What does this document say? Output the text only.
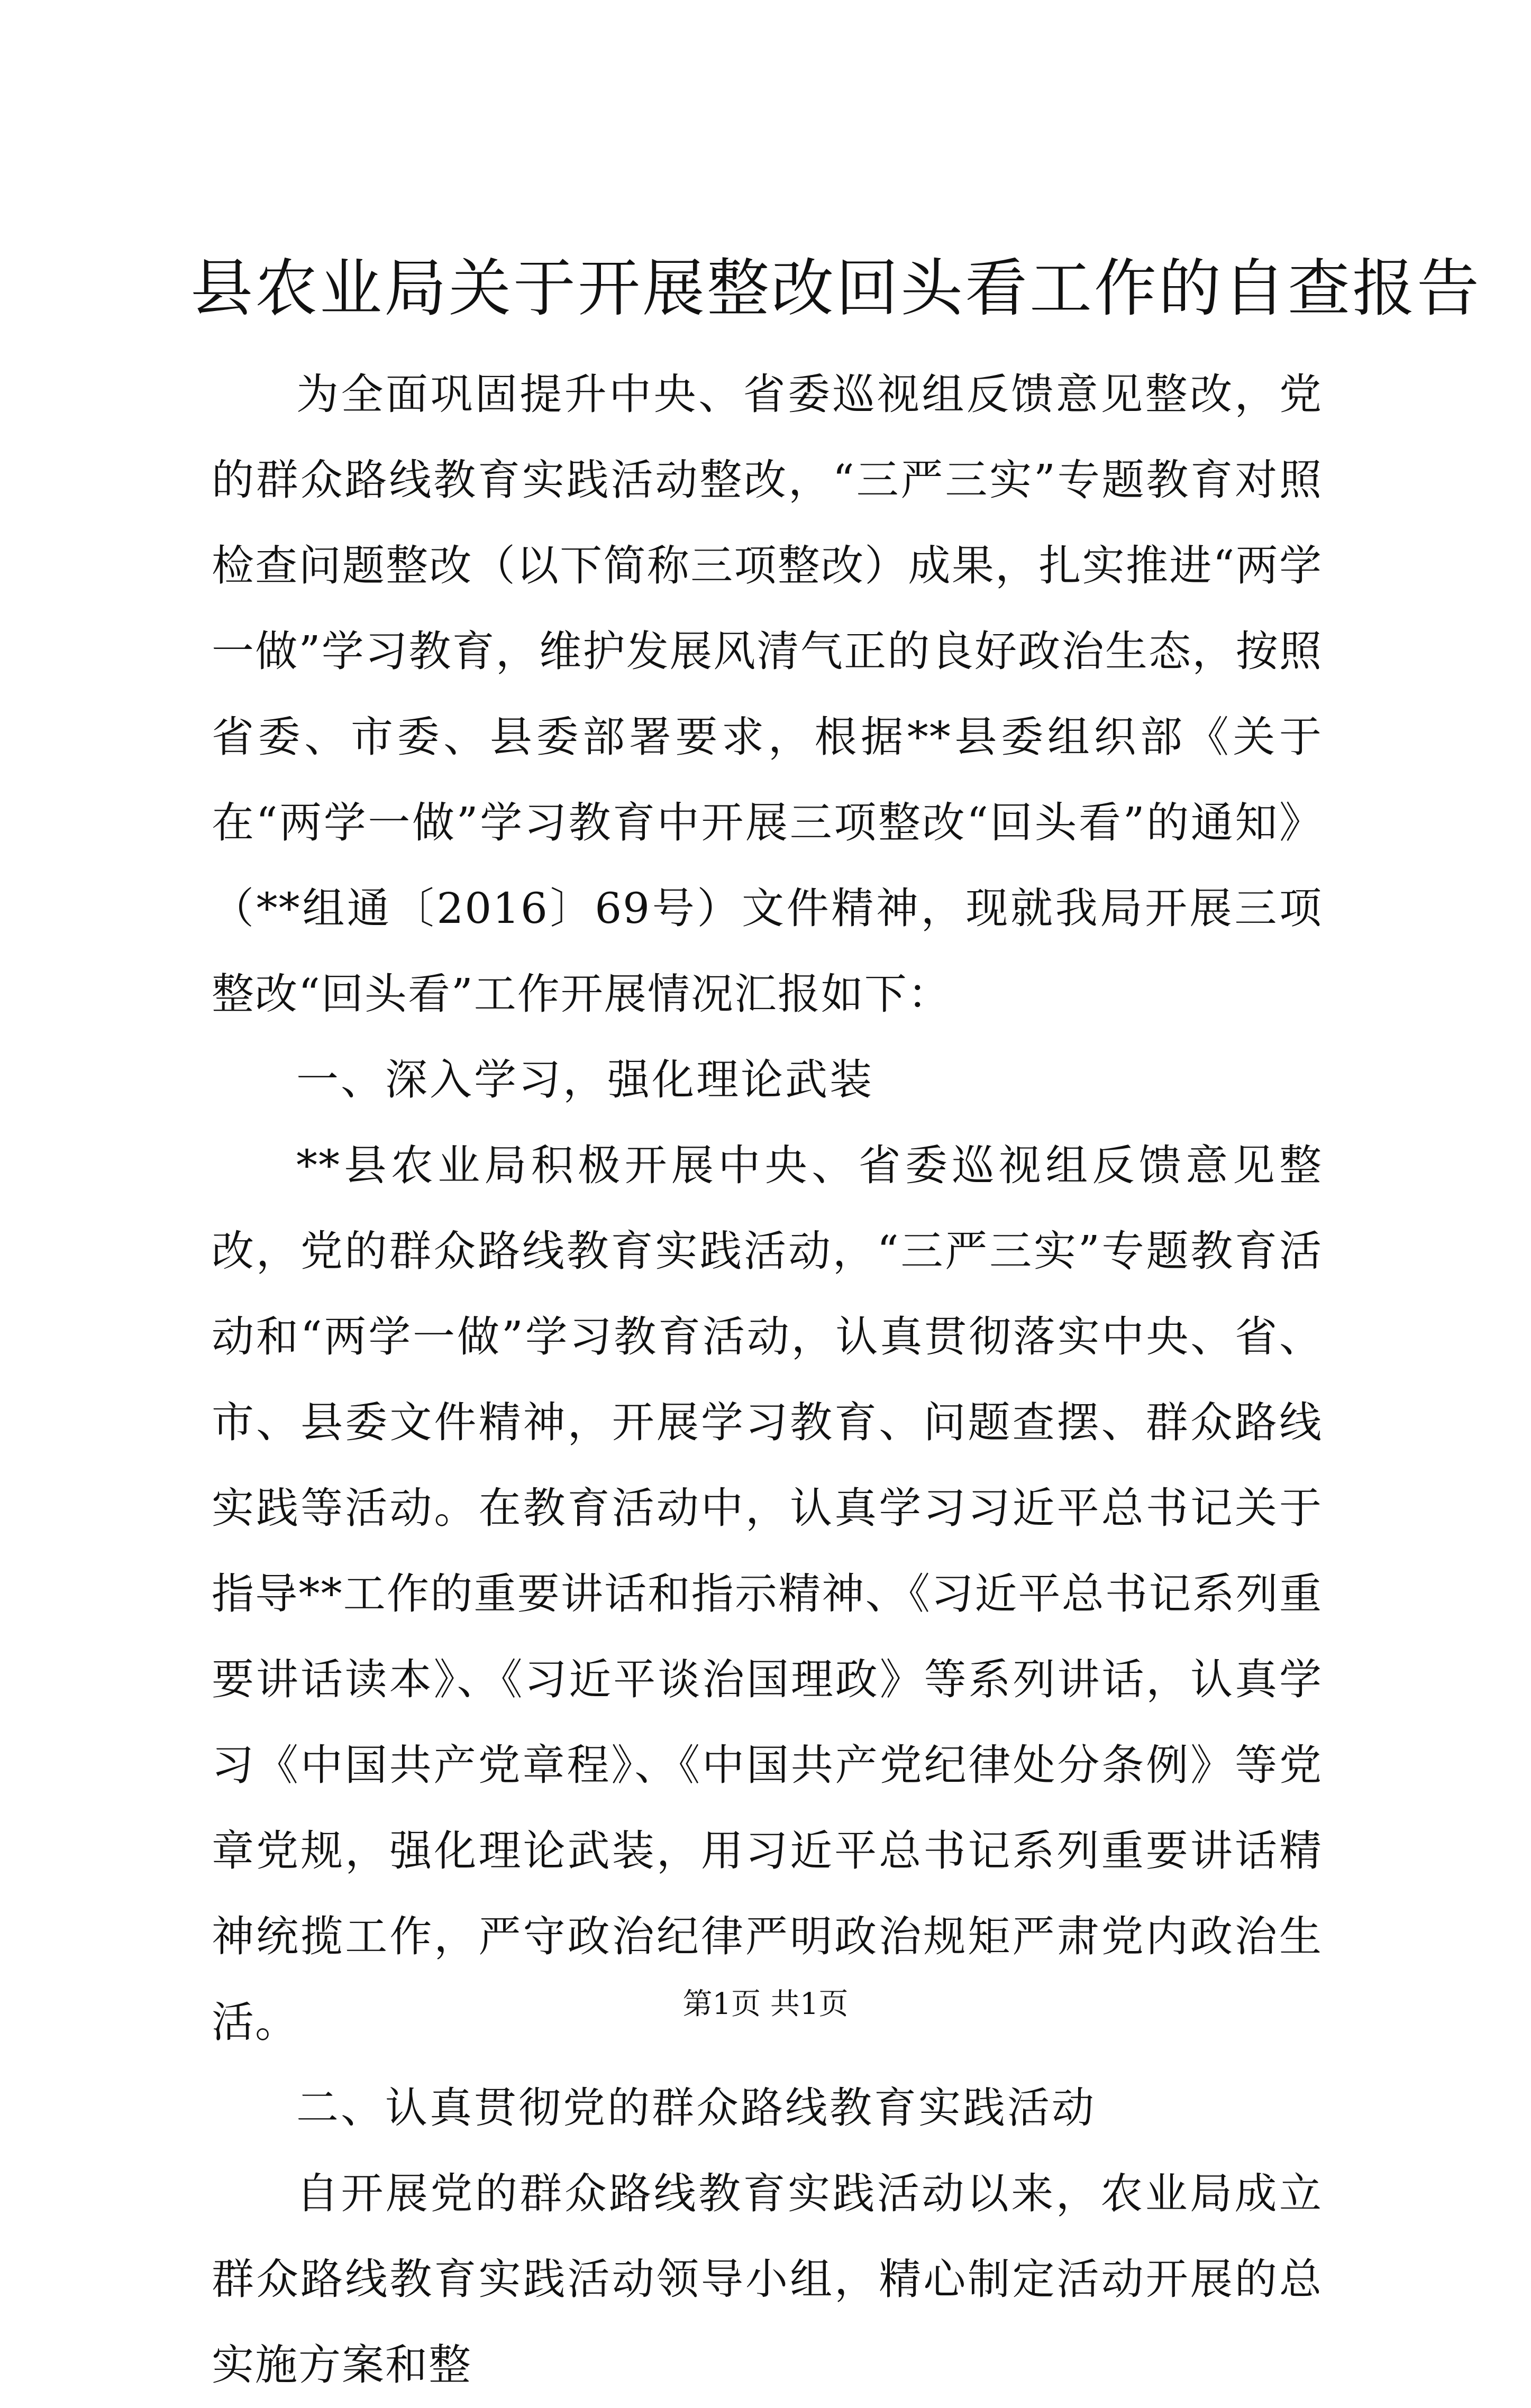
县农业局关于开展整改回头看工作的自查报告

为全面巩固提升中央、省委巡视组反馈意见整改，党的群众路线教育实践活动整改，“三严三实”专题教育对照检查问题整改（以下简称三项整改）成果，扎实推进“两学一做”学习教育，维护发展风清气正的良好政治生态，按照省委、市委、县委部署要求，根据**县委组织部《关于在“两学一做”学习教育中开展三项整改“回头看”的通知》（**组通〔2016〕69号）文件精神，现就我局开展三项整改“回头看”工作开展情况汇报如下：

一、深入学习，强化理论武装

**县农业局积极开展中央、省委巡视组反馈意见整改，党的群众路线教育实践活动，“三严三实”专题教育活动和“两学一做”学习教育活动，认真贯彻落实中央、省、市、县委文件精神，开展学习教育、问题查摆、群众路线实践等活动。在教育活动中，认真学习习近平总书记关于指导**工作的重要讲话和指示精神、《习近平总书记系列重要讲话读本》、《习近平谈治国理政》等系列讲话，认真学习《中国共产党章程》、《中国共产党纪律处分条例》等党章党规，强化理论武装，用习近平总书记系列重要讲话精神统揽工作，严守政治纪律严明政治规矩严肃党内政治生活。

二、认真贯彻党的群众路线教育实践活动

自开展党的群众路线教育实践活动以来，农业局成立群众路线教育实践活动领导小组，精心制定活动开展的总实施方案和整

第1页 共1页
